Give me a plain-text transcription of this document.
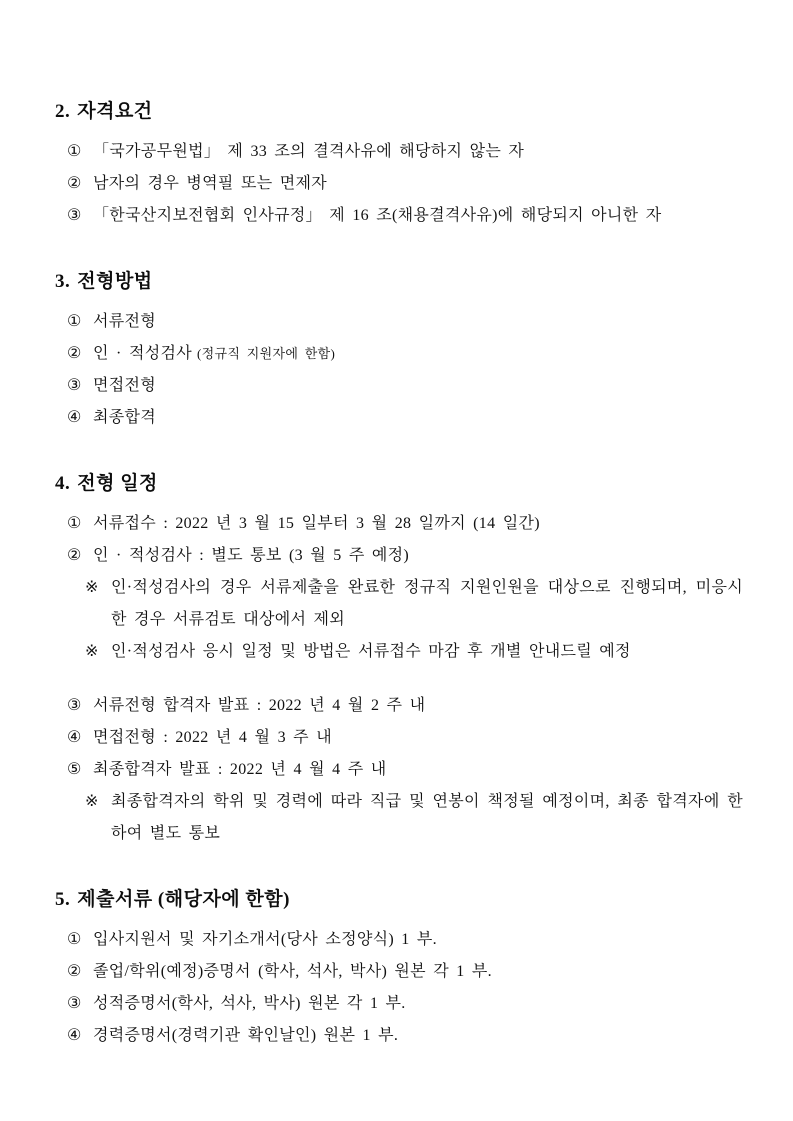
2. 자격요건
① 「국가공무원법」 제 33 조의 결격사유에 해당하지 않는 자
② 남자의 경우 병역필 또는 면제자
③ 「한국산지보전협회 인사규정」 제 16 조(채용결격사유)에 해당되지 아니한 자
3. 전형방법
① 서류전형
② 인 · 적성검사 (정규직 지원자에 한함)
③ 면접전형
④ 최종합격
4. 전형 일정
① 서류접수 : 2022 년 3 월 15 일부터 3 월 28 일까지 (14 일간)
② 인 · 적성검사 : 별도 통보 (3 월 5 주 예정)
※ 인·적성검사의 경우 서류제출을 완료한 정규직 지원인원을 대상으로 진행되며, 미응시 한 경우 서류검토 대상에서 제외
※ 인·적성검사 응시 일정 및 방법은 서류접수 마감 후 개별 안내드릴 예정
③ 서류전형 합격자 발표 : 2022 년 4 월 2 주 내
④ 면접전형 : 2022 년 4 월 3 주 내
⑤ 최종합격자 발표 : 2022 년 4 월 4 주 내
※ 최종합격자의 학위 및 경력에 따라 직급 및 연봉이 책정될 예정이며, 최종 합격자에 한하여 별도 통보
5. 제출서류 (해당자에 한함)
① 입사지원서 및 자기소개서(당사 소정양식) 1 부.
② 졸업/학위(예정)증명서 (학사, 석사, 박사) 원본 각 1 부.
③ 성적증명서(학사, 석사, 박사) 원본 각 1 부.
④ 경력증명서(경력기관 확인날인) 원본 1 부.
